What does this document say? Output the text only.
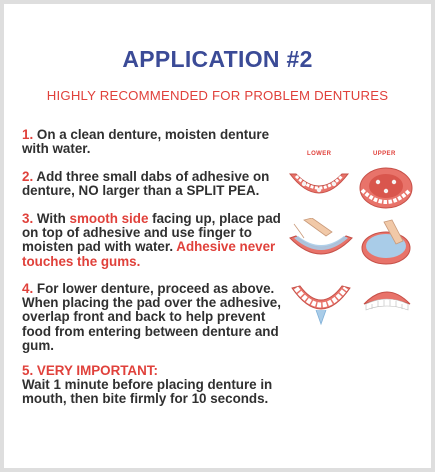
APPLICATION #2
HIGHLY RECOMMENDED FOR PROBLEM DENTURES
LOWER	UPPER
1. On a clean denture, moisten denture with water.
2. Add three small dabs of adhesive on denture, NO larger than a SPLIT PEA.
3. With smooth side facing up, place pad on top of adhesive and use finger to moisten pad with water. Adhesive never touches the gums.
4. For lower denture, proceed as above. When placing the pad over the adhesive, overlap front and back to help prevent food from entering between denture and gum.
5. VERY IMPORTANT:
Wait 1 minute before placing denture in mouth, then bite firmly for 10 seconds.
